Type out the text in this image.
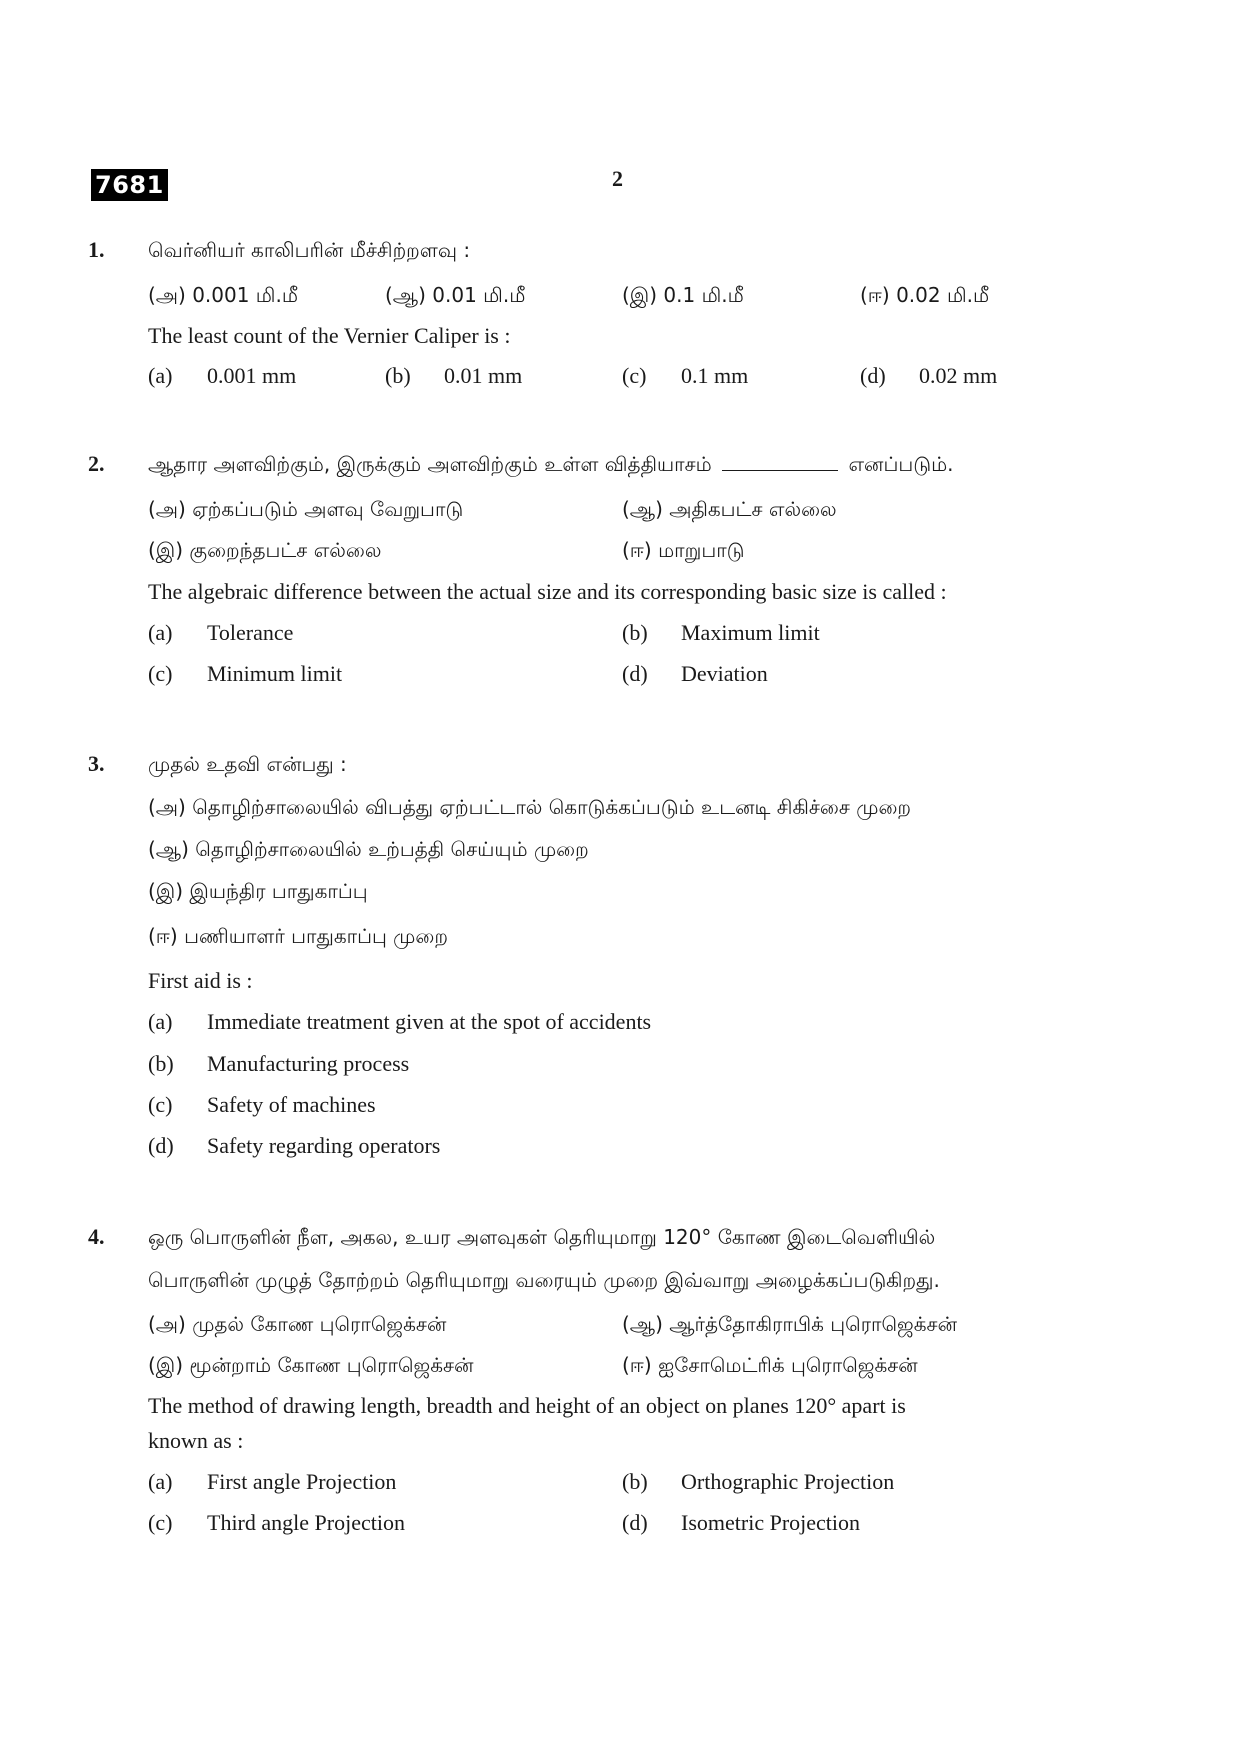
7681	2
1. வெர்னியர் காலிபரின் மீச்சிற்றளவு :
(அ) 0.001 மி.மீ	(ஆ) 0.01 மி.மீ	(இ) 0.1 மி.மீ	(ஈ) 0.02 மி.மீ
The least count of the Vernier Caliper is :
(a) 0.001 mm	(b) 0.01 mm	(c) 0.1 mm	(d) 0.02 mm
2. ஆதார அளவிற்கும், இருக்கும் அளவிற்கும் உள்ள வித்தியாசம்	எனப்படும்.
(அ) ஏற்கப்படும் அளவு வேறுபாடு	(ஆ) அதிகபட்ச எல்லை
(இ) குறைந்தபட்ச எல்லை	(ஈ) மாறுபாடு
The algebraic difference between the actual size and its corresponding basic size is called :
(a) Tolerance	(b) Maximum limit
(c) Minimum limit	(d) Deviation
3. முதல் உதவி என்பது :
(அ) தொழிற்சாலையில் விபத்து ஏற்பட்டால் கொடுக்கப்படும் உடனடி சிகிச்சை முறை
(ஆ) தொழிற்சாலையில் உற்பத்தி செய்யும் முறை
(இ) இயந்திர பாதுகாப்பு
(ஈ) பணியாளர் பாதுகாப்பு முறை
First aid is :
(a) Immediate treatment given at the spot of accidents
(b) Manufacturing process
(c) Safety of machines
(d) Safety regarding operators
4. ஒரு பொருளின் நீள, அகல, உயர அளவுகள் தெரியுமாறு 120° கோண இடைவெளியில்
பொருளின் முழுத் தோற்றம் தெரியுமாறு வரையும் முறை இவ்வாறு அழைக்கப்படுகிறது.
(அ) முதல் கோண புரொஜெக்சன்	(ஆ) ஆர்த்தோகிராபிக் புரொஜெக்சன்
(இ) மூன்றாம் கோண புரொஜெக்சன்	(ஈ) ஐசோமெட்ரிக் புரொஜெக்சன்
The method of drawing length, breadth and height of an object on planes 120° apart is
known as :
(a) First angle Projection	(b) Orthographic Projection
(c) Third angle Projection	(d) Isometric Projection
